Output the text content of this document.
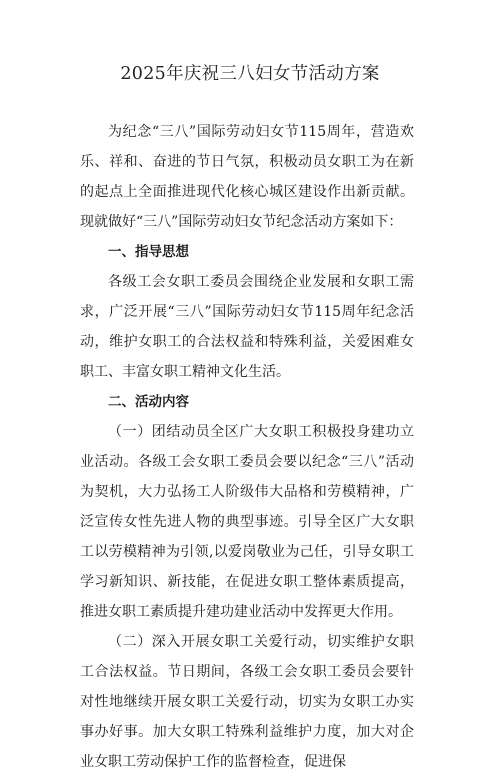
2025年庆祝三八妇女节活动方案

为纪念“三八”国际劳动妇女节115周年，营造欢乐、祥和、奋进的节日气氛，积极动员女职工为在新的起点上全面推进现代化核心城区建设作出新贡献。现就做好“三八”国际劳动妇女节纪念活动方案如下：

一、指导思想

各级工会女职工委员会围绕企业发展和女职工需求，广泛开展“三八”国际劳动妇女节115周年纪念活动，维护女职工的合法权益和特殊利益，关爱困难女职工、丰富女职工精神文化生活。

二、活动内容

（一）团结动员全区广大女职工积极投身建功立业活动。各级工会女职工委员会要以纪念“三八”活动为契机，大力弘扬工人阶级伟大品格和劳模精神，广泛宣传女性先进人物的典型事迹。引导全区广大女职工以劳模精神为引领,以爱岗敬业为己任，引导女职工学习新知识、新技能，在促进女职工整体素质提高，推进女职工素质提升建功建业活动中发挥更大作用。

（二）深入开展女职工关爱行动，切实维护女职工合法权益。节日期间，各级工会女职工委员会要针对性地继续开展女职工关爱行动，切实为女职工办实事办好事。加大女职工特殊利益维护力度，加大对企业女职工劳动保护工作的监督检查，促进保
